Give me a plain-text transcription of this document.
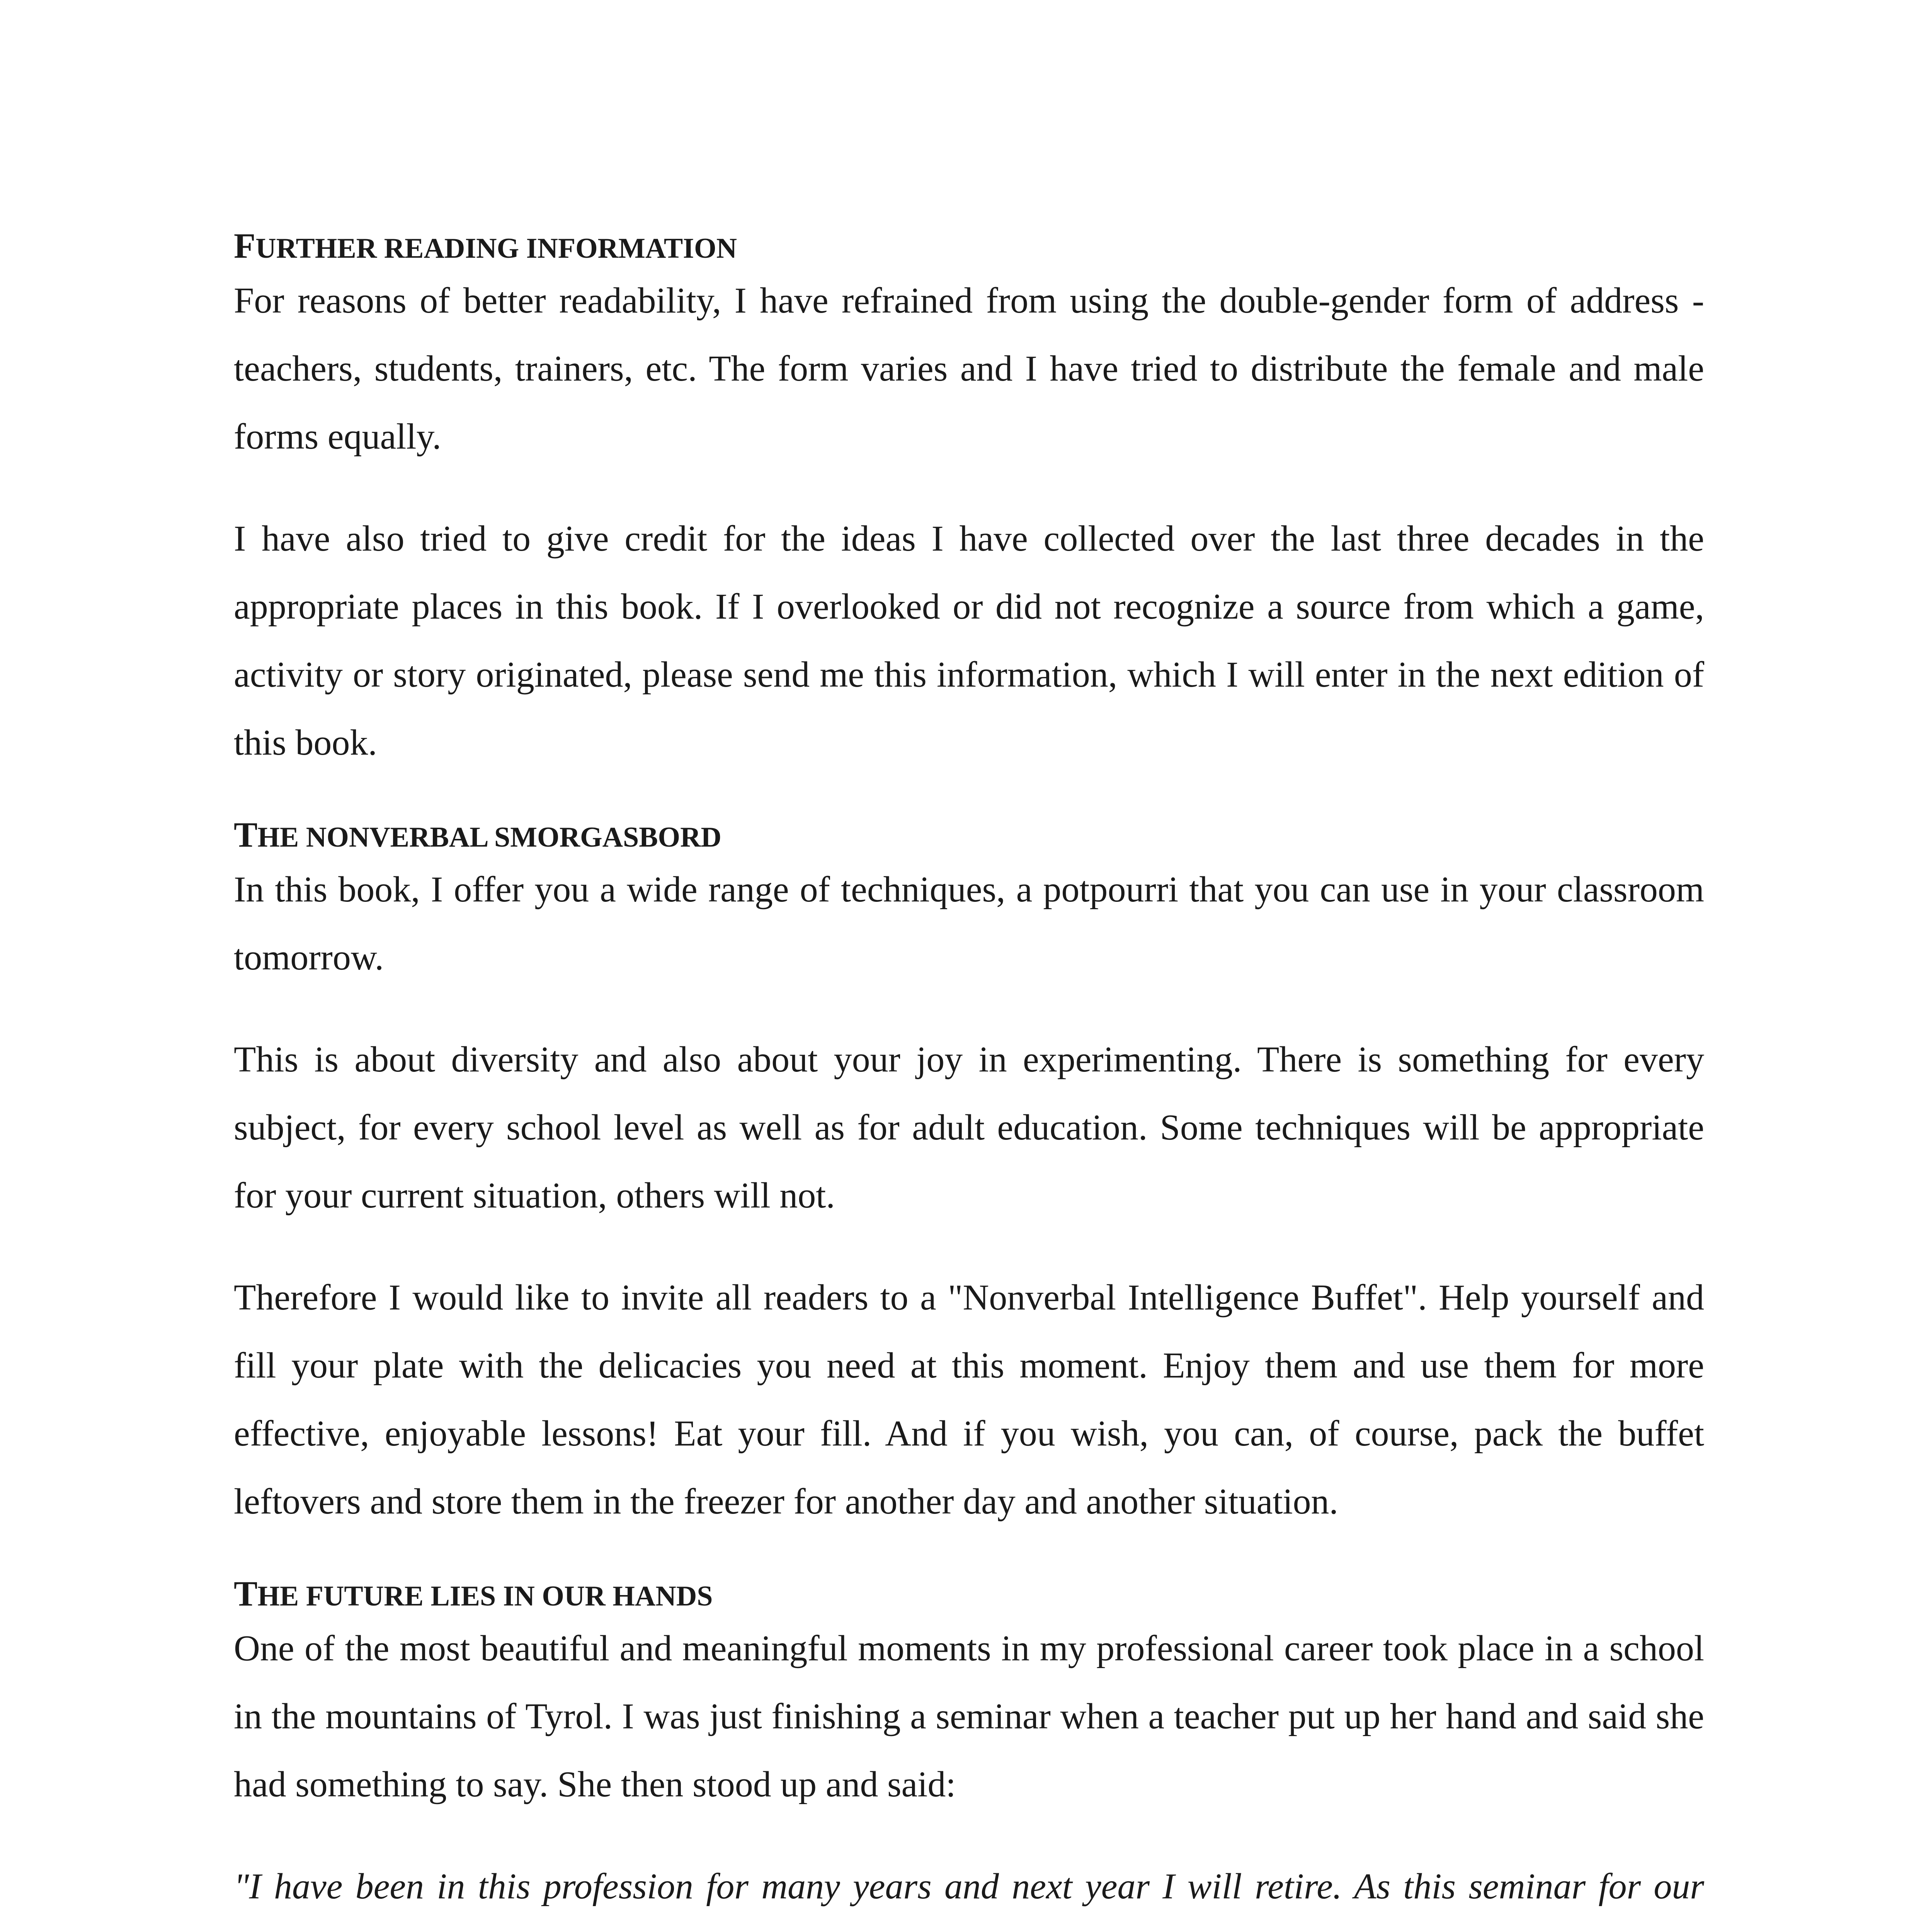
FURTHER READING INFORMATION

For reasons of better readability, I have refrained from using the double-gender form of address - teachers, students, trainers, etc. The form varies and I have tried to distribute the female and male forms equally.

I have also tried to give credit for the ideas I have collected over the last three decades in the appropriate places in this book. If I overlooked or did not recognize a source from which a game, activity or story originated, please send me this information, which I will enter in the next edition of this book.

THE NONVERBAL SMORGASBORD

In this book, I offer you a wide range of techniques, a potpourri that you can use in your classroom tomorrow.

This is about diversity and also about your joy in experimenting. There is something for every subject, for every school level as well as for adult education. Some techniques will be appropriate for your current situation, others will not.

Therefore I would like to invite all readers to a "Nonverbal Intelligence Buffet". Help yourself and fill your plate with the delicacies you need at this moment. Enjoy them and use them for more effective, enjoyable lessons! Eat your fill. And if you wish, you can, of course, pack the buffet leftovers and store them in the freezer for another day and another situation.

THE FUTURE LIES IN OUR HANDS

One of the most beautiful and meaningful moments in my professional career took place in a school in the mountains of Tyrol. I was just finishing a seminar when a teacher put up her hand and said she had something to say. She then stood up and said:

"I have been in this profession for many years and next year I will retire. As this seminar for our
